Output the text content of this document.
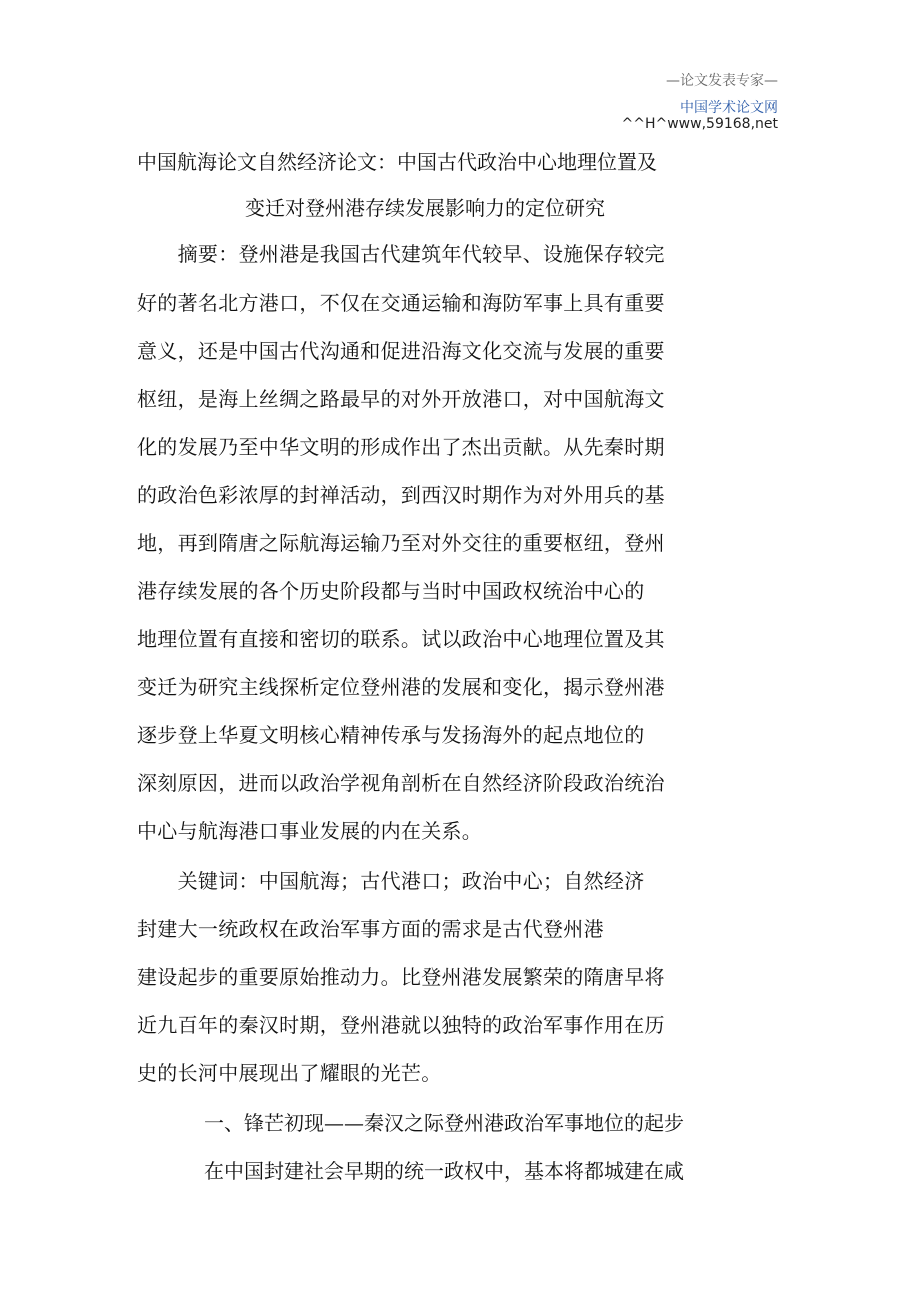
—论文发表专家—
中国学术论文网
^^H^www,59168,net
中国航海论文自然经济论文：中国古代政治中心地理位置及
变迁对登州港存续发展影响力的定位研究
　　摘要：登州港是我国古代建筑年代较早、设施保存较完
好的著名北方港口，不仅在交通运输和海防军事上具有重要
意义，还是中国古代沟通和促进沿海文化交流与发展的重要
枢纽，是海上丝绸之路最早的对外开放港口，对中国航海文
化的发展乃至中华文明的形成作出了杰出贡献。从先秦时期
的政治色彩浓厚的封禅活动，到西汉时期作为对外用兵的基
地，再到隋唐之际航海运输乃至对外交往的重要枢纽，登州
港存续发展的各个历史阶段都与当时中国政权统治中心的
地理位置有直接和密切的联系。试以政治中心地理位置及其
变迁为研究主线探析定位登州港的发展和变化，揭示登州港
逐步登上华夏文明核心精神传承与发扬海外的起点地位的
深刻原因，进而以政治学视角剖析在自然经济阶段政治统治
中心与航海港口事业发展的内在关系。
　　关键词：中国航海；古代港口；政治中心；自然经济
封建大一统政权在政治军事方面的需求是古代登州港
建设起步的重要原始推动力。比登州港发展繁荣的隋唐早将
近九百年的秦汉时期，登州港就以独特的政治军事作用在历
史的长河中展现出了耀眼的光芒。
一、锋芒初现——秦汉之际登州港政治军事地位的起步
在中国封建社会早期的统一政权中，基本将都城建在咸
